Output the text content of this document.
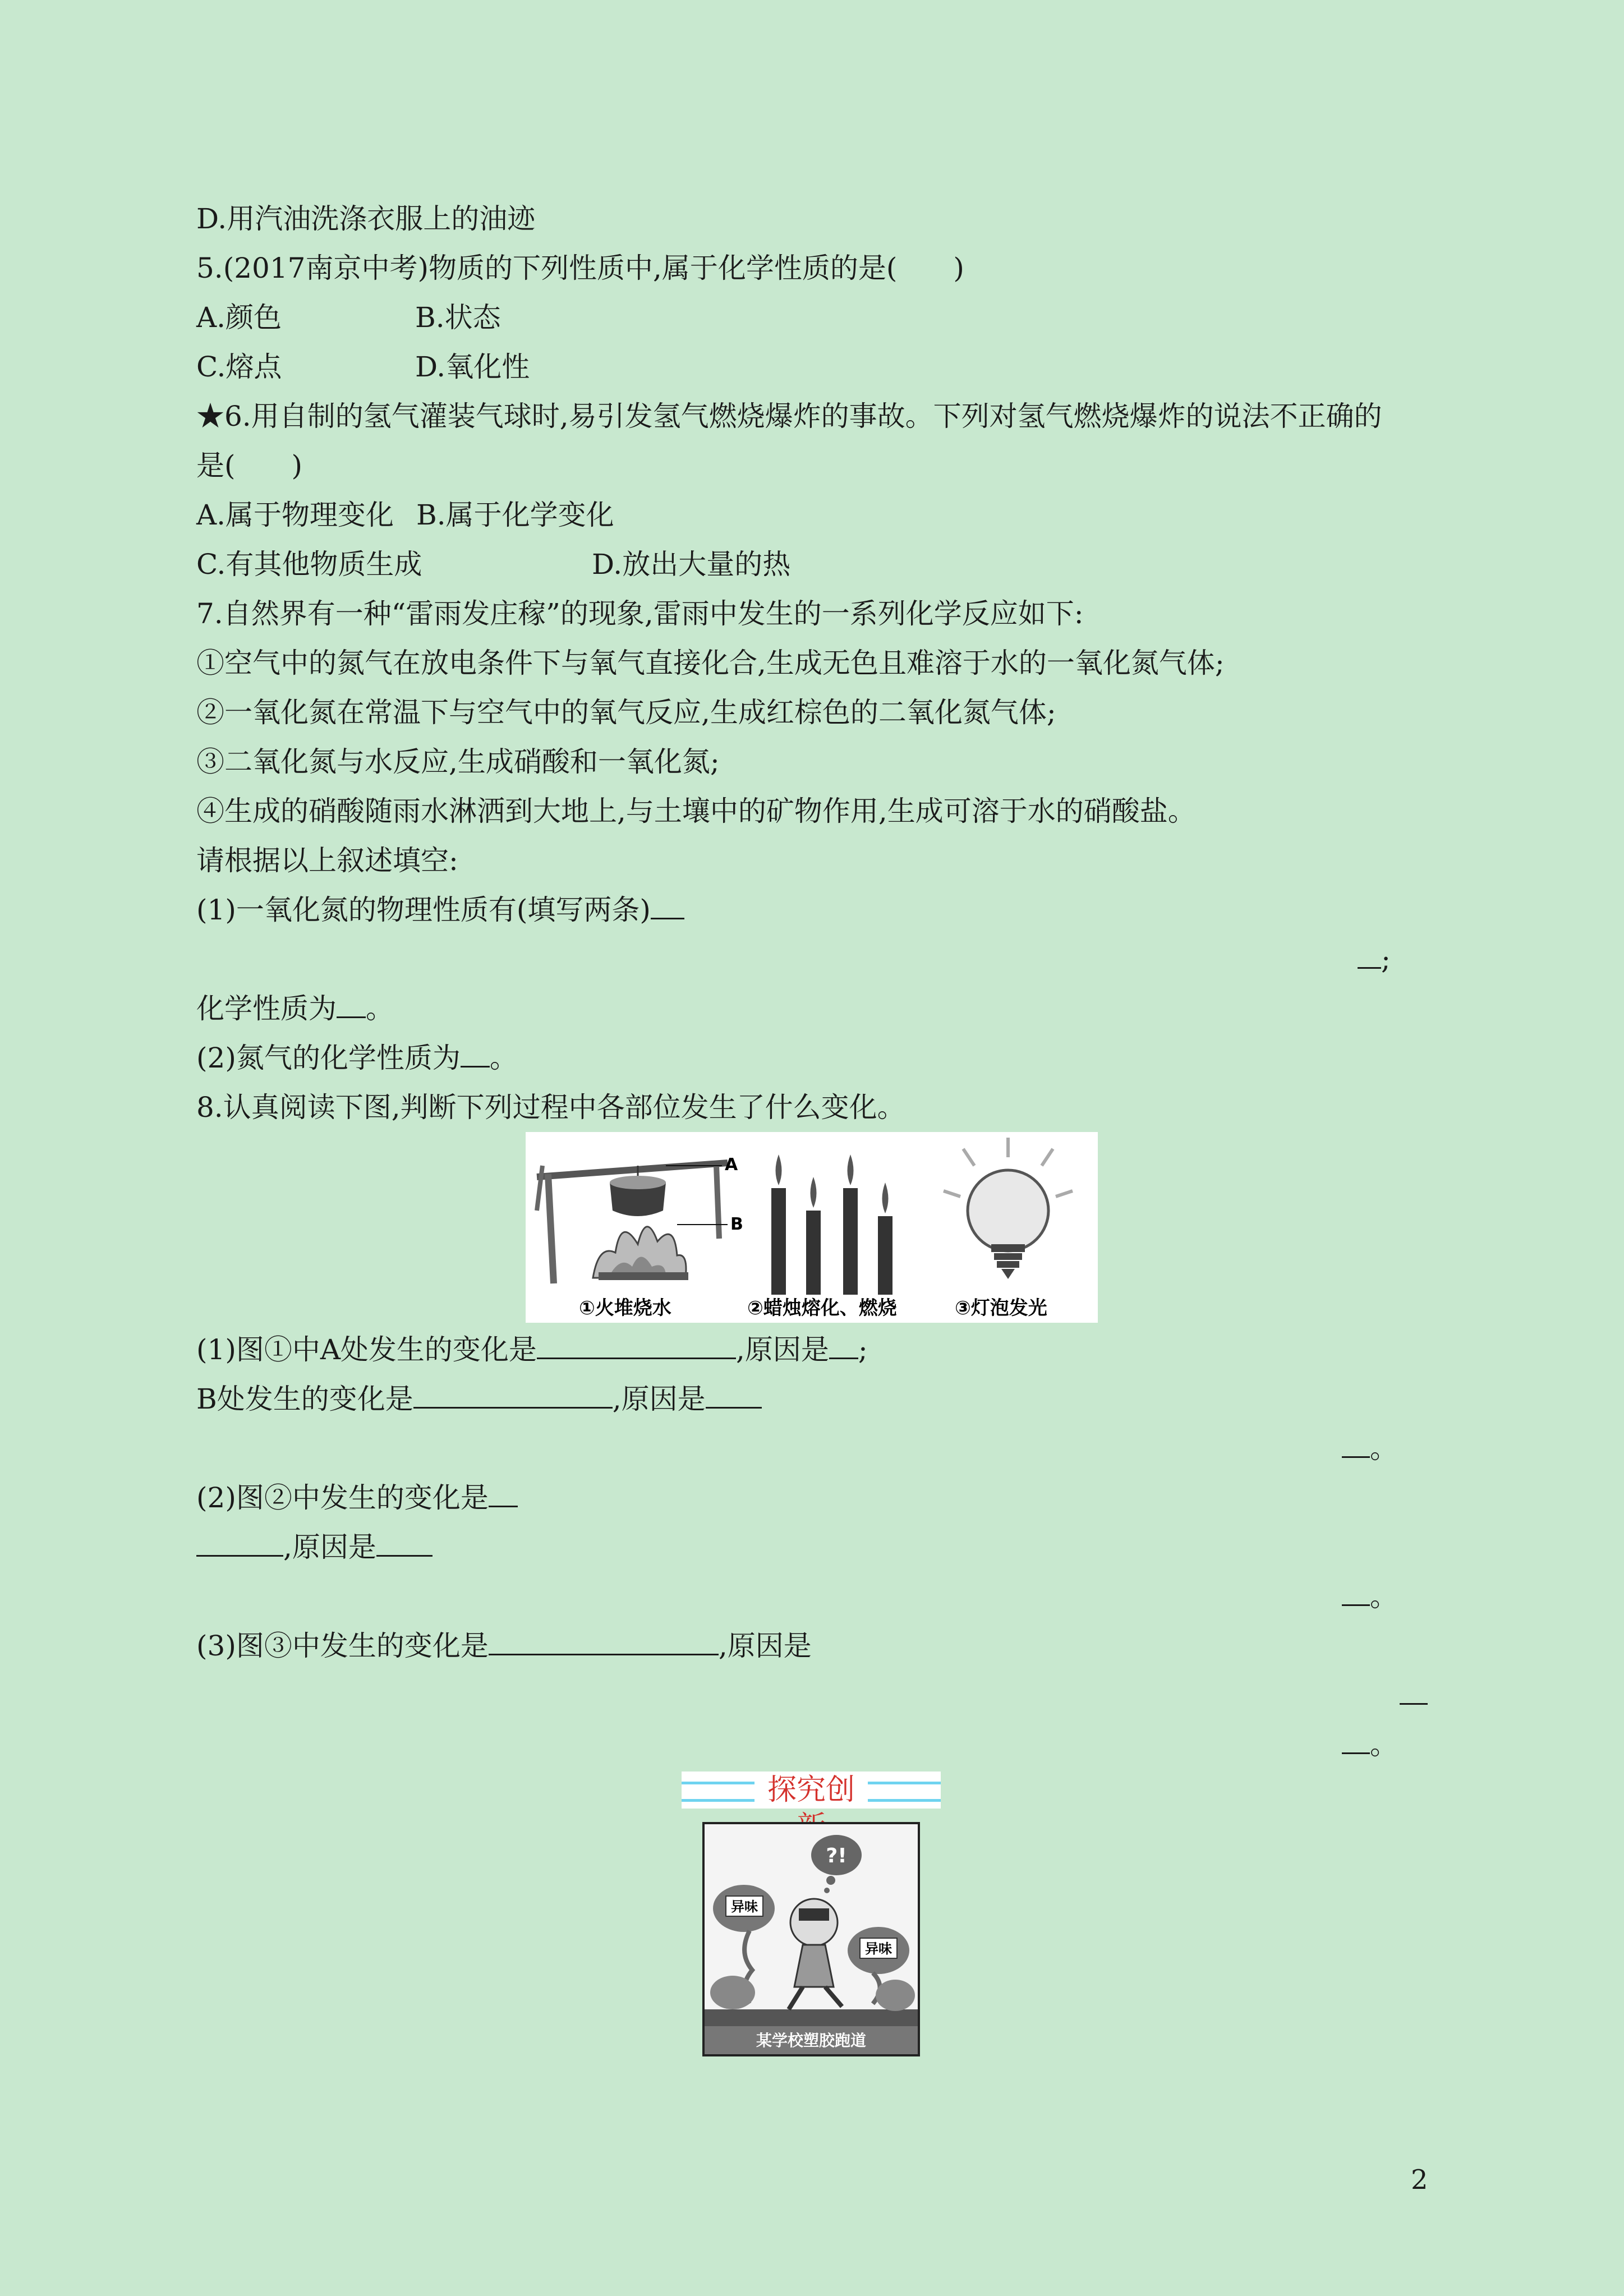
D.用汽油洗涤衣服上的油迹
5.(2017南京中考)物质的下列性质中,属于化学性质的是(　　)
A.颜色	B.状态
C.熔点	D.氧化性
★6.用自制的氢气灌装气球时,易引发氢气燃烧爆炸的事故。下列对氢气燃烧爆炸的说法不正确的
是(　　)
A.属于物理变化 B.属于化学变化
C.有其他物质生成	D.放出大量的热
7.自然界有一种“雷雨发庄稼”的现象,雷雨中发生的一系列化学反应如下:
①空气中的氮气在放电条件下与氧气直接化合,生成无色且难溶于水的一氧化氮气体;
②一氧化氮在常温下与空气中的氧气反应,生成红棕色的二氧化氮气体;
③二氧化氮与水反应,生成硝酸和一氧化氮;
④生成的硝酸随雨水淋洒到大地上,与土壤中的矿物作用,生成可溶于水的硝酸盐。
请根据以上叙述填空:
(1)一氧化氮的物理性质有(填写两条)
;
化学性质为 。
(2)氮气的化学性质为 。
8.认真阅读下图,判断下列过程中各部位发生了什么变化。
A
B
①火堆烧水	②蜡烛熔化、燃烧	③灯泡发光
(1)图①中A处发生的变化是	,原因是 ;
B处发生的变化是	,原因是
。
(2)图②中发生的变化是
,原因是
。
(3)图③中发生的变化是	,原因是
。
探究创
某学校塑胶跑道
?!
异味
异味
2
